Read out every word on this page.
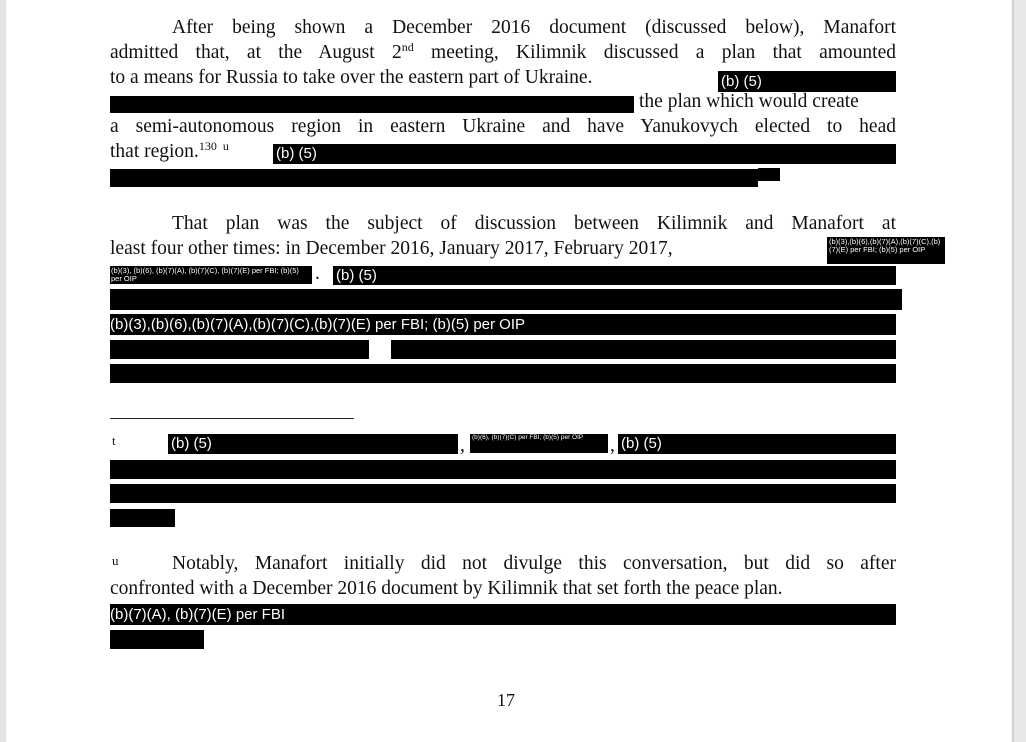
After being shown a December 2016 document (discussed below), Manafort
admitted that, at the August 2nd meeting, Kilimnik discussed a plan that amounted
to a means for Russia to take over the eastern part of Ukraine.	(b) (5)
the plan which would create
a semi-autonomous region in eastern Ukraine and have Yanukovych elected to head
that region.$^{130}$ $^u$	(b) (5)
That plan was the subject of discussion between Kilimnik and Manafort at
least four other times: in December 2016, January 2017, February 2017,	(b)(3),(b)(6),(b)(7)(A),(b)(7)(C),(b)(7)(E) per FBI; (b)(5) per OIP
(b)(3), (b)(6), (b)(7)(A), (b)(7)(C), (b)(7)(E) per FBI; (b)(5) per OIP	. (b) (5)
(b)(3),(b)(6),(b)(7)(A),(b)(7)(C),(b)(7)(E) per FBI; (b)(5) per OIP
t	(b) (5)	, (b)(6), (b)(7)(C) per FBI; (b)(5) per OIP , (b) (5)
u	Notably, Manafort initially did not divulge this conversation, but did so after
confronted with a December 2016 document by Kilimnik that set forth the peace plan.
(b)(7)(A), (b)(7)(E) per FBI
17
